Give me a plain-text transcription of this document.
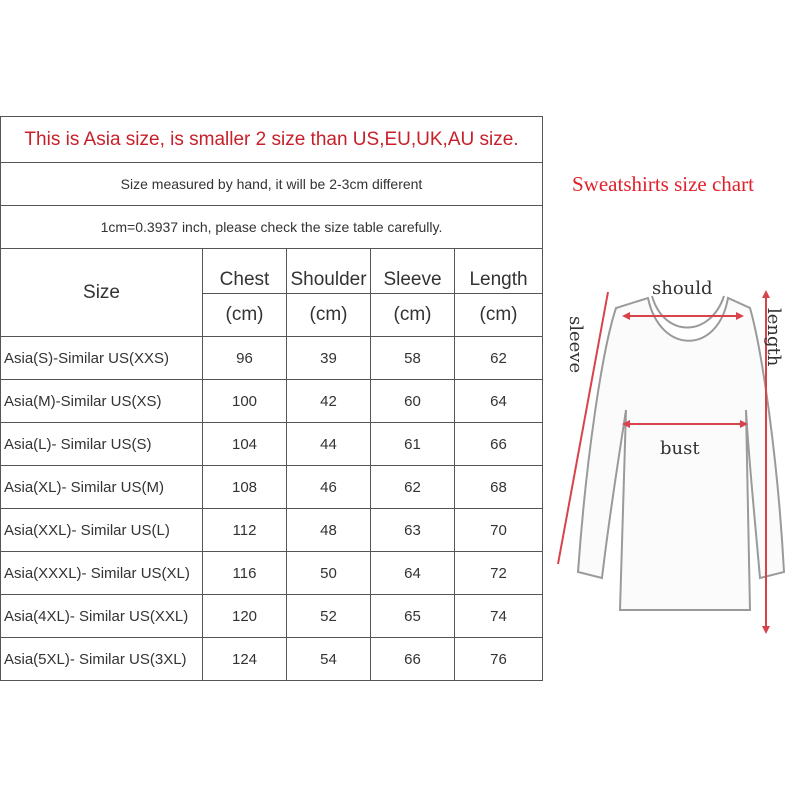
This is Asia size, is smaller 2 size than US,EU,UK,AU size.				
Size measured by hand, it will be 2-3cm different				
1cm=0.3937 inch, please check the size table carefully.				
Size	Chest	Shoulder	Sleeve	Length
	(cm)	(cm)	(cm)	(cm)
Asia(S)-Similar US(XXS)	96	39	58	62
Asia(M)-Similar US(XS)	100	42	60	64
Asia(L)- Similar US(S)	104	44	61	66
Asia(XL)- Similar US(M)	108	46	62	68
Asia(XXL)- Similar US(L)	112	48	63	70
Asia(XXXL)- Similar US(XL)	116	50	64	72
Asia(4XL)- Similar US(XXL)	120	52	65	74
Asia(5XL)- Similar US(3XL)	124	54	66	76
Sweatshirts size chart
should
bust
sleeve	length
